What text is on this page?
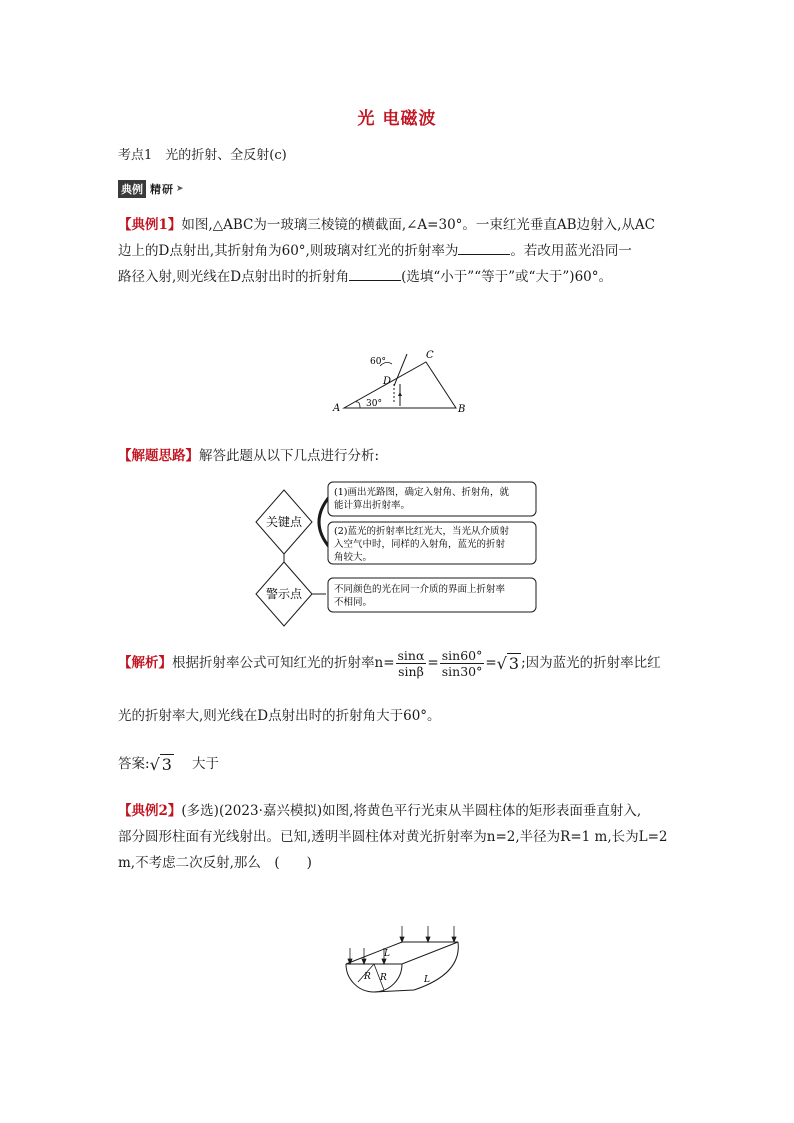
光 电磁波
考点1　光的折射、全反射(c)
典例 精研 ➤
【典例1】如图,△ABC为一玻璃三棱镜的横截面,∠A=30°。一束红光垂直AB边射入,从AC
边上的D点射出,其折射角为60°,则玻璃对红光的折射率为	。若改用蓝光沿同一
路径入射,则光线在D点射出时的折射角	(选填“小于”“等于”或“大于”)60°。
A	B
C
D
60°
30°
【解题思路】解答此题从以下几点进行分析:
关键点
警示点
(1)画出光路图，确定入射角、折射角，就
能计算出折射率。
(2)蓝光的折射率比红光大，当光从介质射
入空气中时，同样的入射角，蓝光的折射
角较大。
不同颜色的光在同一介质的界面上折射率
不相同。
【解析】根据折射率公式可知红光的折射率$n= \frac{\sin\alpha}{\sin\beta} = \frac{\sin 60^\circ}{\sin 30^\circ}$ =√ 3 ;因为蓝光的折射率比红
光的折射率大,则光线在D点射出时的折射角大于60°。
答案:√ 3 大于
【典例2】(多选)(2023·嘉兴模拟)如图,将黄色平行光束从半圆柱体的矩形表面垂直射入,
部分圆形柱面有光线射出。已知,透明半圆柱体对黄光折射率为n=2,半径为R=1 m,长为L=2
m,不考虑二次反射,那么　(　　)
R R
L
L
